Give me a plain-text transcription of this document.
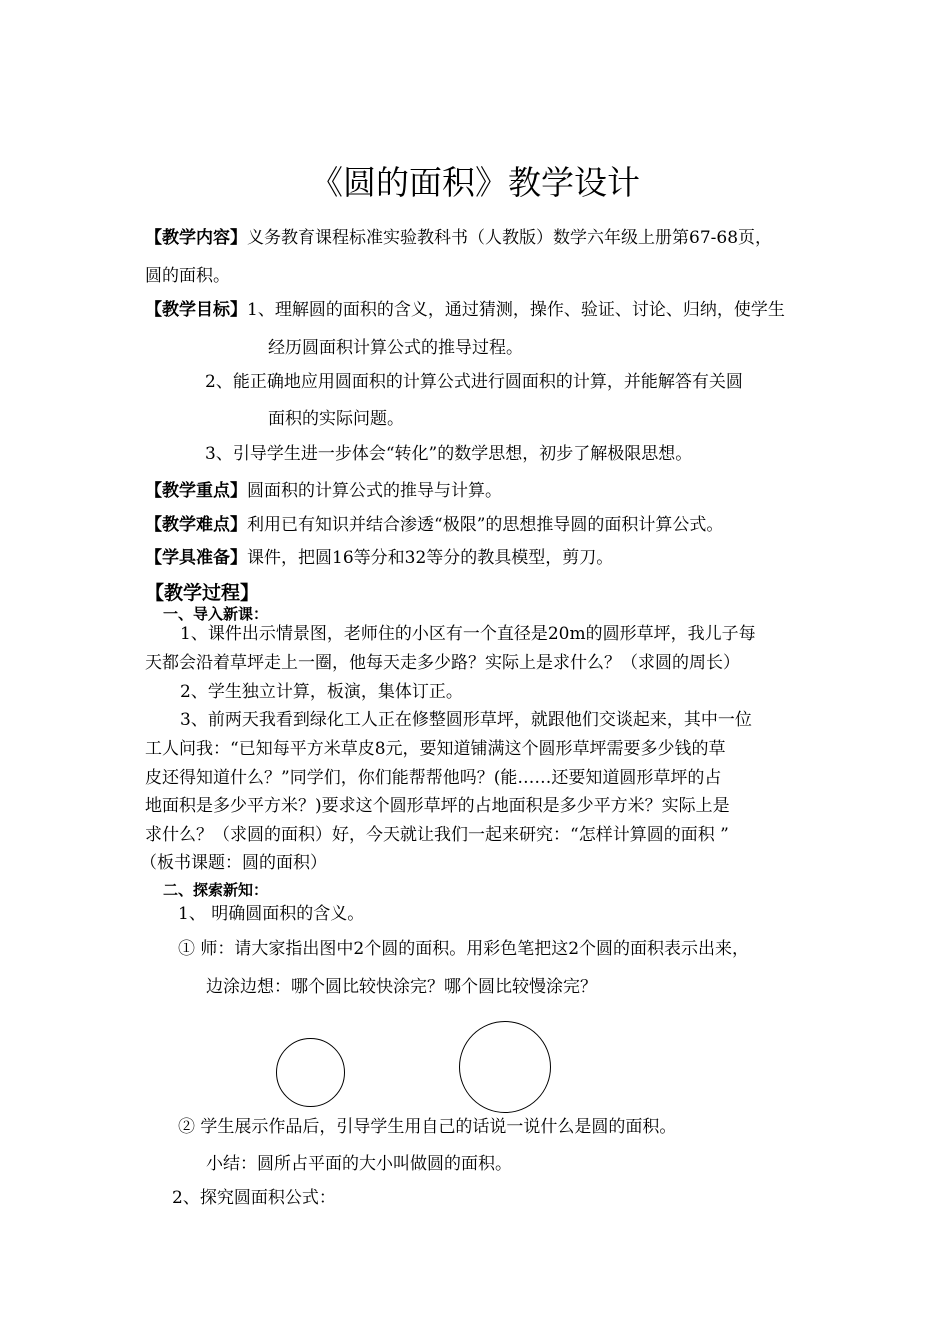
《圆的面积》教学设计
【教学内容】义务教育课程标准实验教科书（人教版）数学六年级上册第67-68页，
圆的面积。
【教学目标】1、理解圆的面积的含义，通过猜测，操作、验证、讨论、归纳，使学生
经历圆面积计算公式的推导过程。
2、能正确地应用圆面积的计算公式进行圆面积的计算，并能解答有关圆
面积的实际问题。
3、引导学生进一步体会“转化”的数学思想，初步了解极限思想。
【教学重点】圆面积的计算公式的推导与计算。
【教学难点】利用已有知识并结合渗透“极限”的思想推导圆的面积计算公式。
【学具准备】课件，把圆16等分和32等分的教具模型，剪刀。
【教学过程】
一、导入新课：
1、课件出示情景图，老师住的小区有一个直径是20m的圆形草坪，我儿子每
天都会沿着草坪走上一圈，他每天走多少路？实际上是求什么？（求圆的周长）
2、学生独立计算，板演，集体订正。
3、前两天我看到绿化工人正在修整圆形草坪，就跟他们交谈起来，其中一位
工人问我：“已知每平方米草皮8元，要知道铺满这个圆形草坪需要多少钱的草
皮还得知道什么？”同学们，你们能帮帮他吗？(能……还要知道圆形草坪的占
地面积是多少平方米？)要求这个圆形草坪的占地面积是多少平方米？实际上是
求什么？（求圆的面积）好，今天就让我们一起来研究：“怎样计算圆的面积 ”
（板书课题：圆的面积）
二、探索新知：
1、 明确圆面积的含义。
① 师：请大家指出图中2个圆的面积。用彩色笔把这2个圆的面积表示出来，
边涂边想：哪个圆比较快涂完？哪个圆比较慢涂完？
② 学生展示作品后，引导学生用自己的话说一说什么是圆的面积。
小结：圆所占平面的大小叫做圆的面积。
2、探究圆面积公式：
